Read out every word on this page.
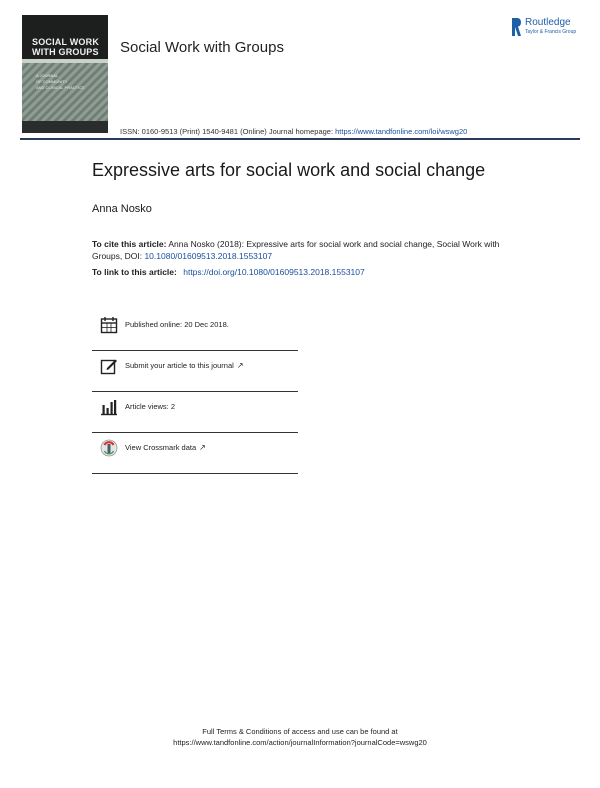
SOCIAL WORK
WITH GROUPS
A JOURNAL
OF COMMUNITY
AND CLINICAL PRACTICE
Social Work with Groups
Routledge
Taylor & Francis Group
ISSN: 0160-9513 (Print) 1540-9481 (Online) Journal homepage: https://www.tandfonline.com/loi/wswg20
Expressive arts for social work and social change
Anna Nosko
To cite this article: Anna Nosko (2018): Expressive arts for social work and social change, Social Work with Groups, DOI: 10.1080/01609513.2018.1553107
To link to this article: https://doi.org/10.1080/01609513.2018.1553107
Published online: 20 Dec 2018.
Submit your article to this journal ↗
Article views: 2
View Crossmark data ↗
Full Terms & Conditions of access and use can be found at
https://www.tandfonline.com/action/journalInformation?journalCode=wswg20
